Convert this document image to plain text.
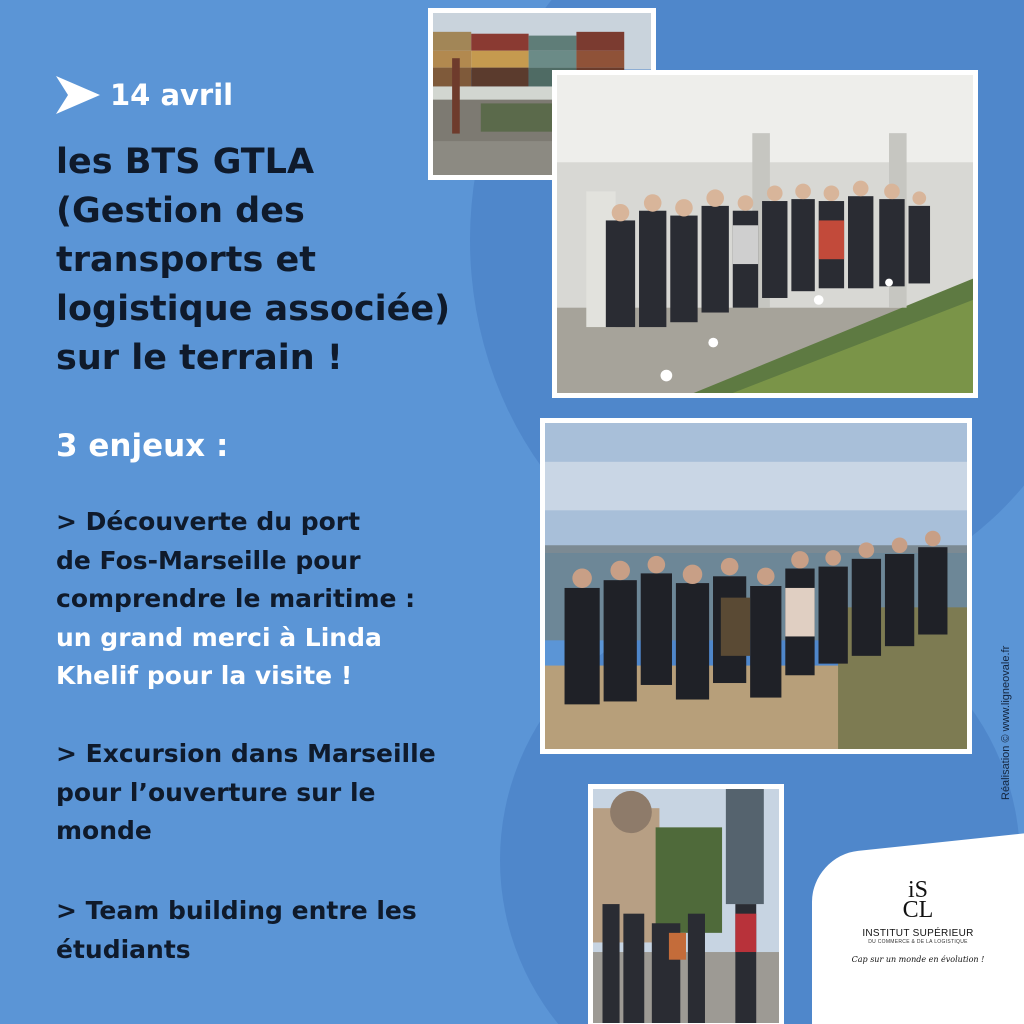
14 avril
les BTS GTLA
(Gestion des
transports et
logistique associée)
sur le terrain !
3 enjeux :
> Découverte du port
de Fos-Marseille pour
comprendre le maritime :
un grand merci à Linda
Khelif pour la visite !
> Excursion dans Marseille
pour l’ouverture sur le
monde
> Team building entre les
étudiants
Réalisation © www.ligneovale.fr
iS
CL
INSTITUT SUPÉRIEUR
DU COMMERCE & DE LA LOGISTIQUE
Cap sur un monde en évolution !
